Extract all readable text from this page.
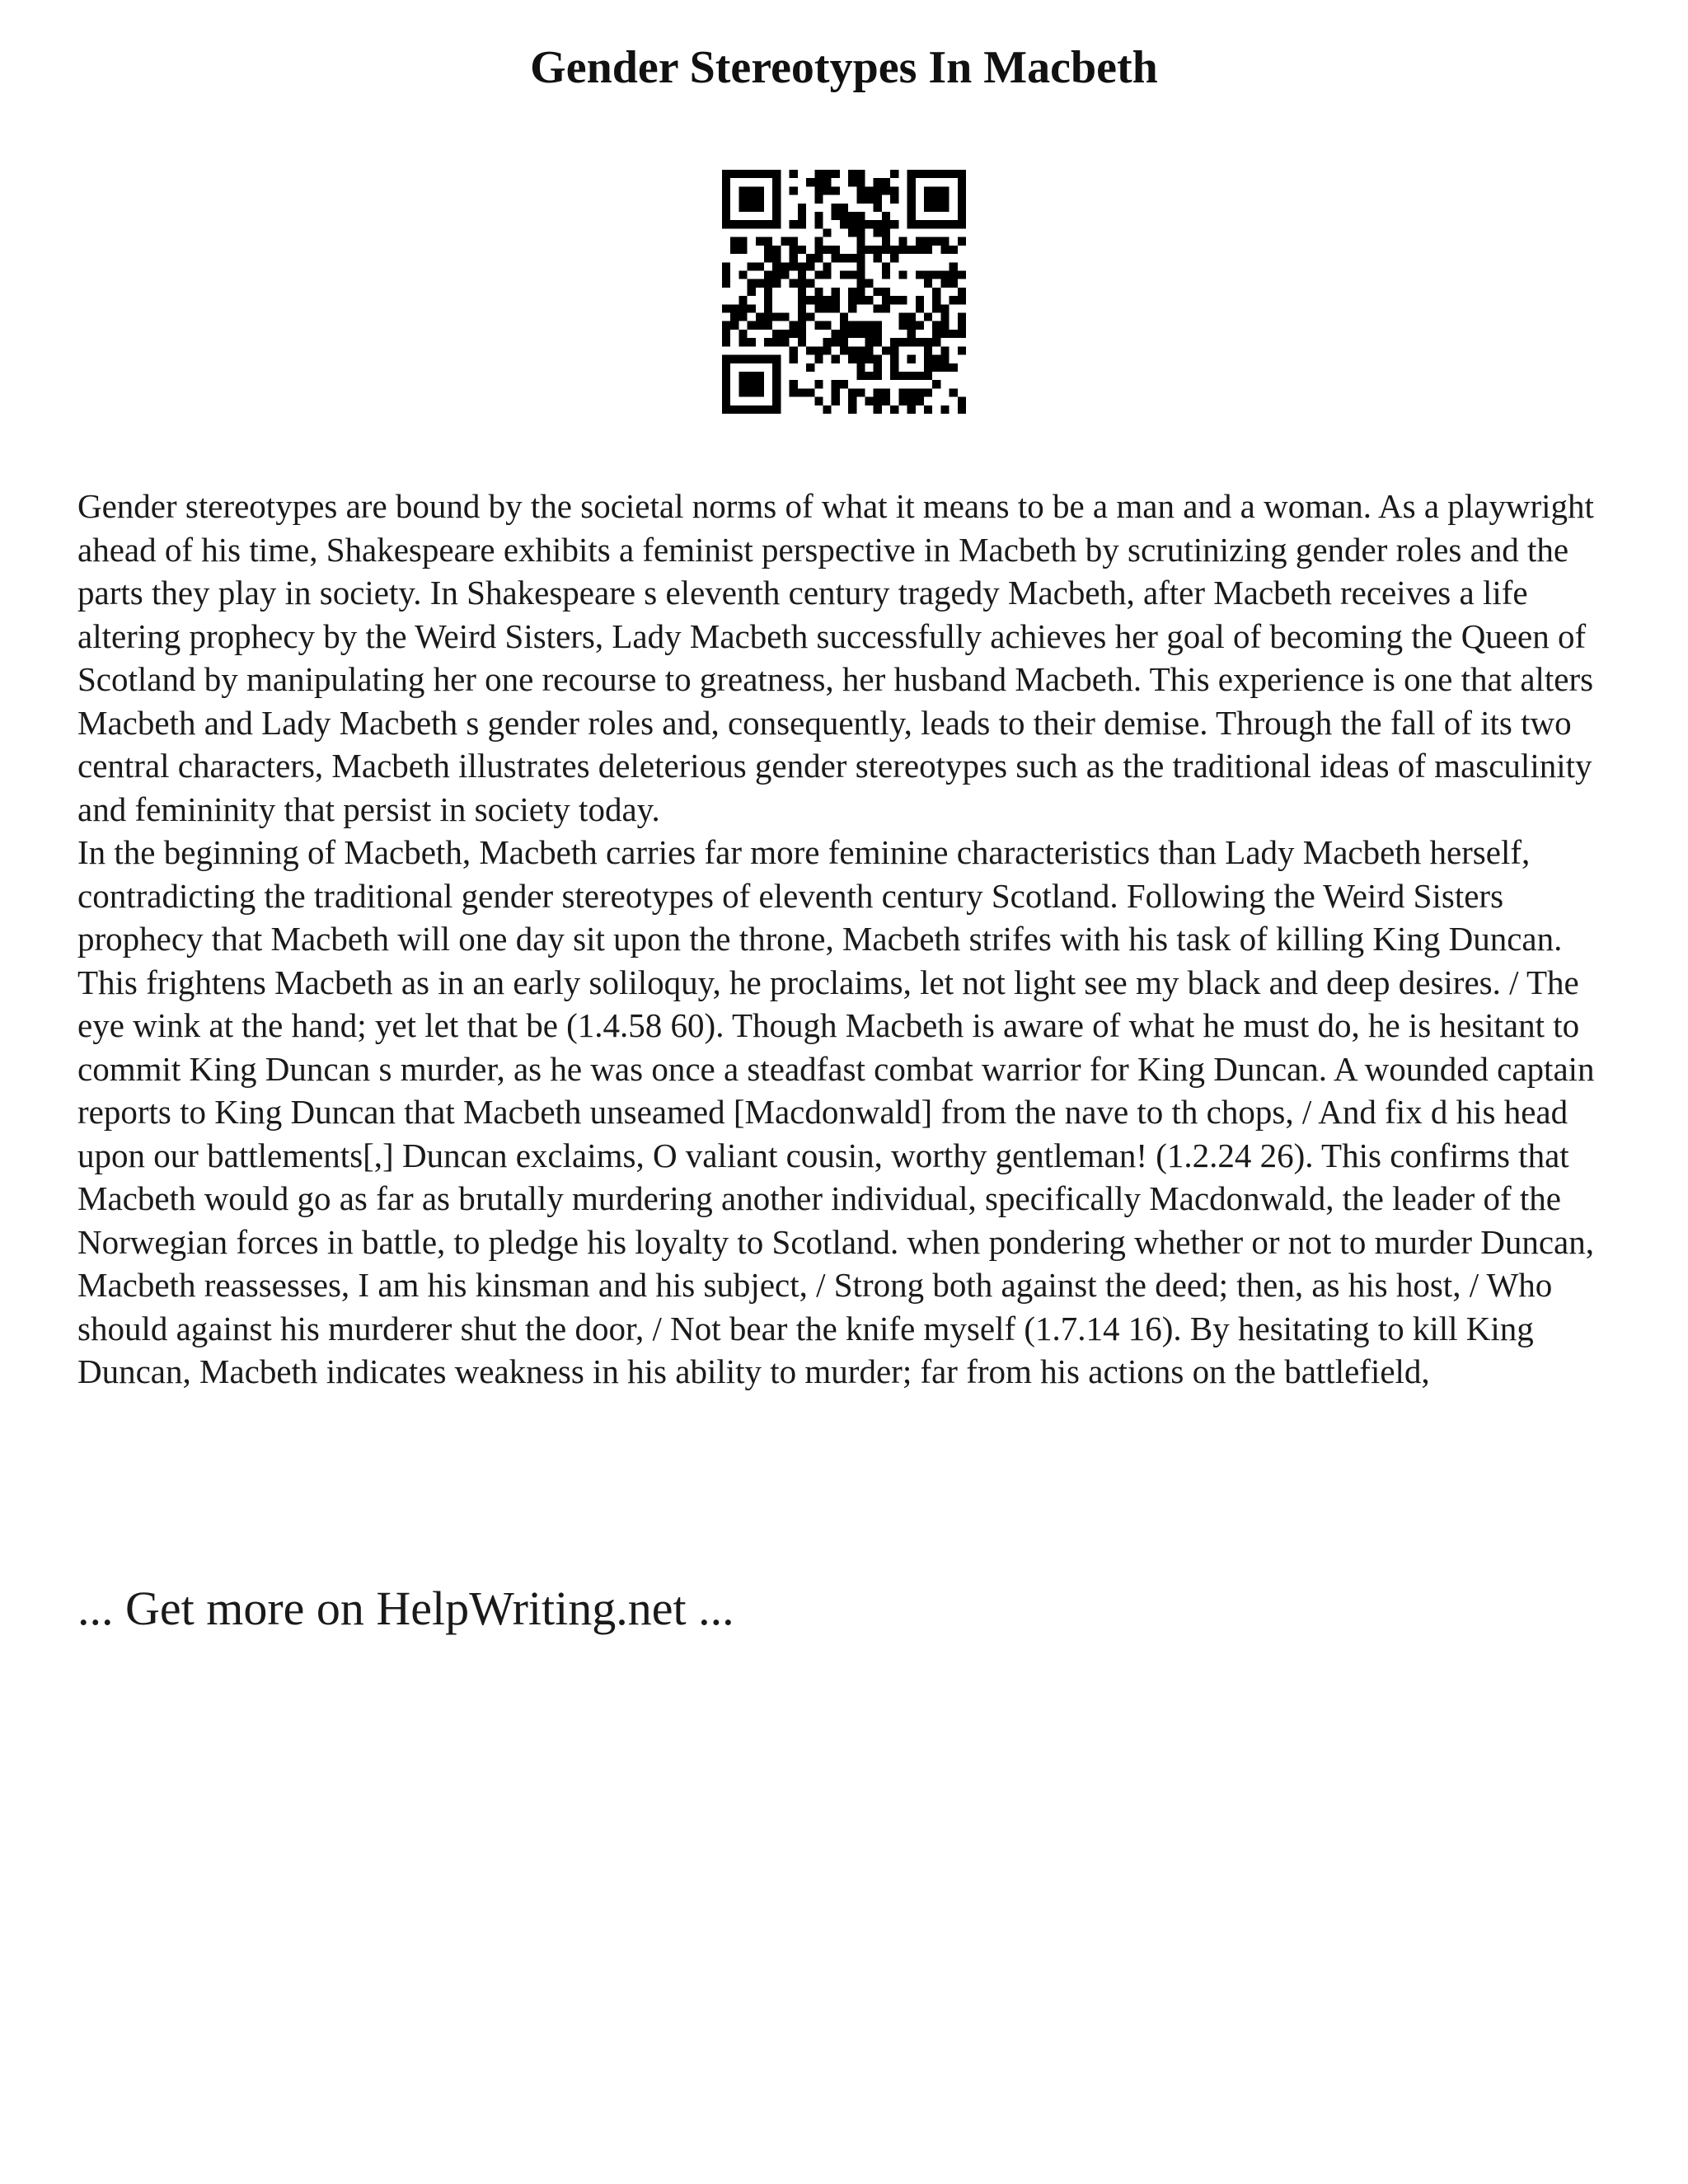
Gender Stereotypes In Macbeth

Gender stereotypes are bound by the societal norms of what it means to be a man and a woman. As a playwright ahead of his time, Shakespeare exhibits a feminist perspective in Macbeth by scrutinizing gender roles and the parts they play in society. In Shakespeare s eleventh century tragedy Macbeth, after Macbeth receives a life altering prophecy by the Weird Sisters, Lady Macbeth successfully achieves her goal of becoming the Queen of Scotland by manipulating her one recourse to greatness, her husband Macbeth. This experience is one that alters Macbeth and Lady Macbeth s gender roles and, consequently, leads to their demise. Through the fall of its two central characters, Macbeth illustrates deleterious gender stereotypes such as the traditional ideas of masculinity and femininity that persist in society today.

In the beginning of Macbeth, Macbeth carries far more feminine characteristics than Lady Macbeth herself, contradicting the traditional gender stereotypes of eleventh century Scotland. Following the Weird Sisters prophecy that Macbeth will one day sit upon the throne, Macbeth strifes with his task of killing King Duncan. This frightens Macbeth as in an early soliloquy, he proclaims, let not light see my black and deep desires. / The eye wink at the hand; yet let that be (1.4.58 60). Though Macbeth is aware of what he must do, he is hesitant to commit King Duncan s murder, as he was once a steadfast combat warrior for King Duncan. A wounded captain reports to King Duncan that Macbeth unseamed [Macdonwald] from the nave to th chops, / And fix d his head upon our battlements[,] Duncan exclaims, O valiant cousin, worthy gentleman! (1.2.24 26). This confirms that Macbeth would go as far as brutally murdering another individual, specifically Macdonwald, the leader of the Norwegian forces in battle, to pledge his loyalty to Scotland. when pondering whether or not to murder Duncan, Macbeth reassesses, I am his kinsman and his subject, / Strong both against the deed; then, as his host, / Who should against his murderer shut the door, / Not bear the knife myself (1.7.14 16). By hesitating to kill King Duncan, Macbeth indicates weakness in his ability to murder; far from his actions on the battlefield,

... Get more on HelpWriting.net ...
